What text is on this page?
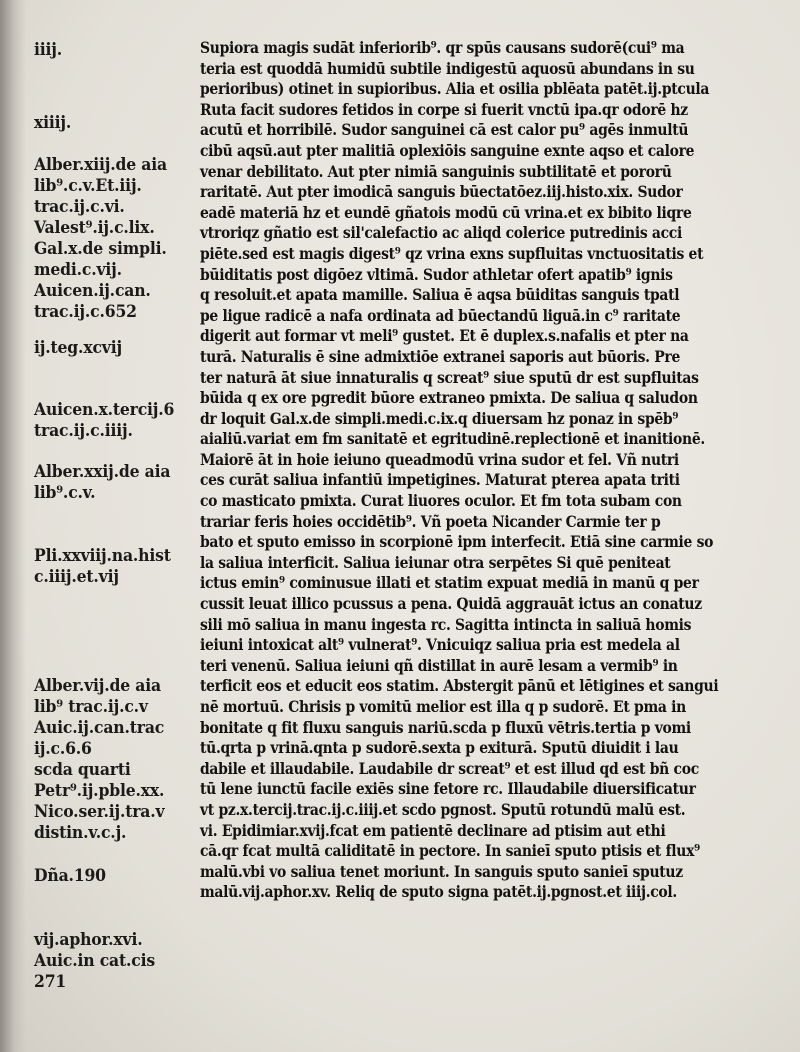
iiij.
xiiij.
Alber.xiij.de aia
lib⁹.c.v.Et.iij.
trac.ij.c.vi.
Valest⁹.ij.c.lix.
Gal.x.de simpli.
medi.c.vij.
Auicen.ij.can.
trac.ij.c.652
ij.teg.xcvij
Auicen.x.tercij.6
trac.ij.c.iiij.
Alber.xxij.de aia
lib⁹.c.v.
Pli.xxviij.na.hist
c.iiij.et.vij
Alber.vij.de aia
lib⁹ trac.ij.c.v
Auic.ij.can.trac
ij.c.6.6
scda quarti
Petr⁹.ij.pble.xx.
Nico.ser.ij.tra.v
distin.v.c.j.
Dña.190
vij.aphor.xvi.
Auic.in cat.cis
271
Supiora magis sudāt inferiorib⁹. qr spūs causans sudorē(cui⁹ ma
teria est quoddā humidū subtile indigestū aquosū abundans in su
perioribus) otinet in supioribus. Alia et osilia pblēata patēt.ij.ptcula
Ruta facit sudores fetidos in corpe si fuerit vnctū ipa.qr odorē hz
acutū et horribilē. Sudor sanguinei cā est calor pu⁹ agēs inmultū
cibū aqsū.aut pter malitiā oplexiōis sanguine exnte aqso et calore
venar debilitato. Aut pter nimiā sanguinis subtilitatē et pororū
raritatē. Aut pter imodicā sanguis būectatōez.iij.histo.xix. Sudor
eadē materiā hz et eundē gñatois modū cū vrina.et ex bibito liqre
vtroriqz gñatio est sil'calefactio ac aliqd colerice putredinis acci
piēte.sed est magis digest⁹ qz vrina exns supfluitas vnctuositatis et
būiditatis post digōez vltimā. Sudor athletar ofert apatib⁹ ignis
q resoluit.et apata mamille. Saliua ē aqsa būiditas sanguis tpatl
pe ligue radicē a nafa ordinata ad būectandū liguā.in c⁹ raritate
digerit aut formar vt meli⁹ gustet. Et ē duplex.s.nafalis et pter na
turā. Naturalis ē sine admixtiōe extranei saporis aut būoris. Pre
ter naturā āt siue innaturalis q screat⁹ siue sputū dr est supfluitas
būida q ex ore pgredit būore extraneo pmixta. De saliua q saludon
dr loquit Gal.x.de simpli.medi.c.ix.q diuersam hz ponaz in spēb⁹
aialiū.variat em fm sanitatē et egritudinē.replectionē et inanitionē.
Maiorē āt in hoie ieiuno queadmodū vrina sudor et fel. Vñ nutri
ces curāt saliua infantiū impetigines. Maturat pterea apata triti
co masticato pmixta. Curat liuores oculor. Et fm tota subam con
trariar feris hoies occidētib⁹. Vñ poeta Nicander Carmie ter p
bato et sputo emisso in scorpionē ipm interfecit. Etiā sine carmie so
la saliua interficit. Saliua ieiunar otra serpētes Si quē peniteat
ictus emin⁹ cominusue illati et statim expuat mediā in manū q per
cussit leuat illico pcussus a pena. Quidā aggrauāt ictus an conatuz
sili mō saliua in manu ingesta rc. Sagitta intincta in saliuā homis
ieiuni intoxicat alt⁹ vulnerat⁹. Vnicuiqz saliua pria est medela al
teri venenū. Saliua ieiuni qñ distillat in aurē lesam a vermib⁹ in
terficit eos et educit eos statim. Abstergit pānū et lētigines et sangui
nē mortuū. Chrisis p vomitū melior est illa q p sudorē. Et pma in
bonitate q fit fluxu sanguis nariū.scda p fluxū vētris.tertia p vomi
tū.qrta p vrinā.qnta p sudorē.sexta p exiturā. Sputū diuidit i lau
dabile et illaudabile. Laudabile dr screat⁹ et est illud qd est bñ coc
tū lene iunctū facile exiēs sine fetore rc. Illaudabile diuersificatur
vt pz.x.tercij.trac.ij.c.iiij.et scdo pgnost. Sputū rotundū malū est.
vi. Epidimiar.xvij.fcat em patientē declinare ad ptisim aut ethi
cā.qr fcat multā caliditatē in pectore. In sanieī sputo ptisis et flux⁹
malū.vbi vo saliua tenet moriunt. In sanguis sputo sanieī sputuz
malū.vij.aphor.xv. Reliq de sputo signa patēt.ij.pgnost.et iiij.col.
